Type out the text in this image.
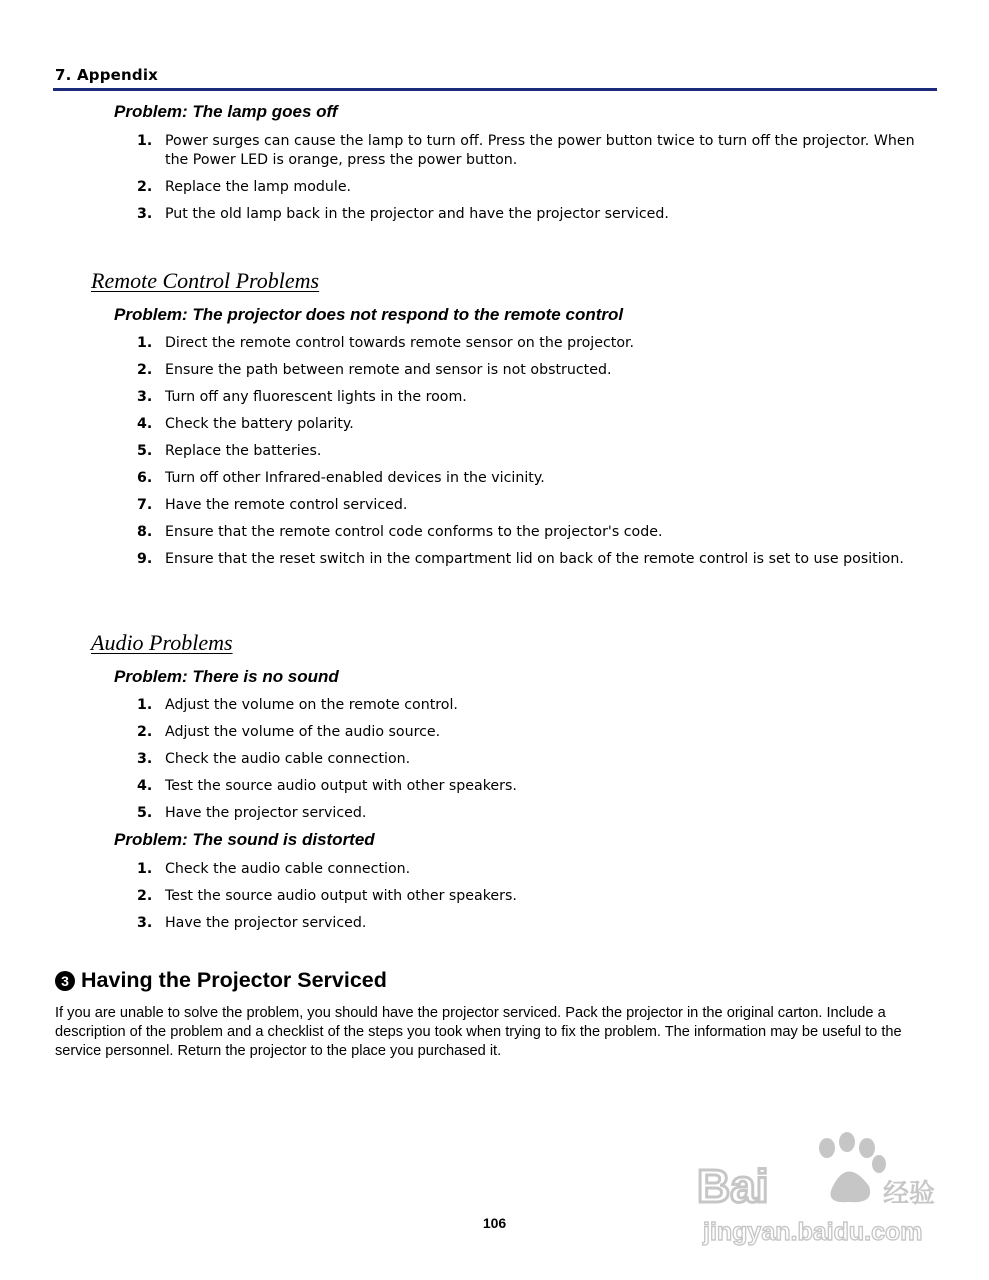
7. Appendix
Problem: The lamp goes off
1. Power surges can cause the lamp to turn off. Press the power button twice to turn off the projector. When the Power LED is orange, press the power button.
2. Replace the lamp module.
3. Put the old lamp back in the projector and have the projector serviced.
Remote Control Problems
Problem: The projector does not respond to the remote control
1. Direct the remote control towards remote sensor on the projector.
2. Ensure the path between remote and sensor is not obstructed.
3. Turn off any fluorescent lights in the room.
4. Check the battery polarity.
5. Replace the batteries.
6. Turn off other Infrared-enabled devices in the vicinity.
7. Have the remote control serviced.
8. Ensure that the remote control code conforms to the projector's code.
9. Ensure that the reset switch in the compartment lid on back of the remote control is set to use position.
Audio Problems
Problem: There is no sound
1. Adjust the volume on the remote control.
2. Adjust the volume of the audio source.
3. Check the audio cable connection.
4. Test the source audio output with other speakers.
5. Have the projector serviced.
Problem: The sound is distorted
1. Check the audio cable connection.
2. Test the source audio output with other speakers.
3. Have the projector serviced.
3 Having the Projector Serviced
If you are unable to solve the problem, you should have the projector serviced. Pack the projector in the original carton. Include a description of the problem and a checklist of the steps you took when trying to fix the problem. The information may be useful to the service personnel. Return the projector to the place you purchased it.
106
Bai du 经验
jingyan.baidu.com
